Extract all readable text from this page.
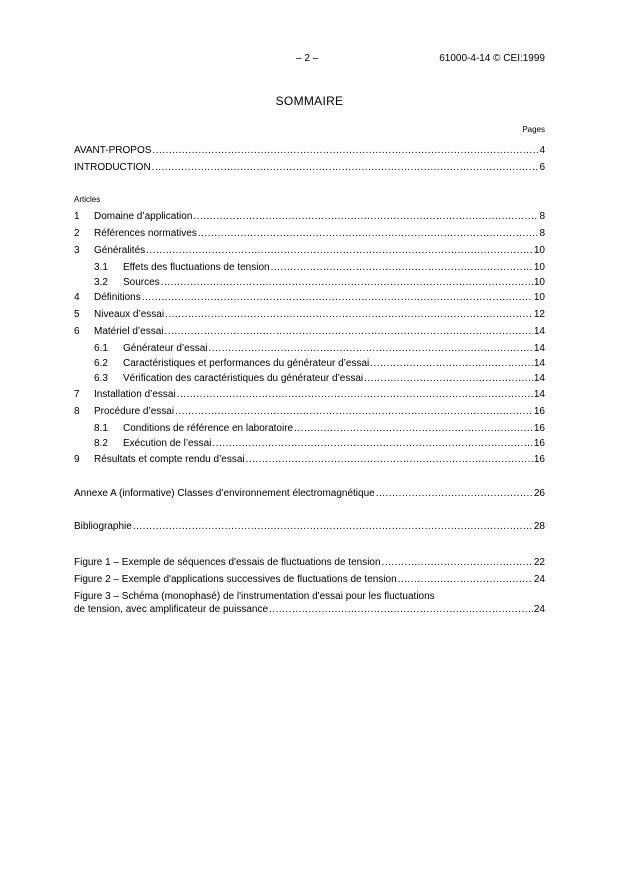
– 2 –	61000-4-14 © CEI:1999
SOMMAIRE
Pages
AVANT-PROPOS .....	4
INTRODUCTION .....	6
Articles
1	Domaine d’application .....	8
2	Références normatives .....	8
3	Généralités .....	10
3.1	Effets des fluctuations de tension .....	10
3.2	Sources .....	10
4	Définitions .....	10
5	Niveaux d’essai .....	12
6	Matériel d’essai .....	14
6.1	Générateur d’essai .....	14
6.2	Caractéristiques et performances du générateur d’essai .....	14
6.3	Vérification des caractéristiques du générateur d’essai .....	14
7	Installation d’essai .....	14
8	Procédure d’essai .....	16
8.1	Conditions de référence en laboratoire .....	16
8.2	Exécution de l’essai .....	16
9	Résultats et compte rendu d’essai .....	16
Annexe A (informative) Classes d’environnement électromagnétique .....	26
Bibliographie .....	28
Figure 1 – Exemple de séquences d'essais de fluctuations de tension .....	22
Figure 2 – Exemple d'applications successives de fluctuations de tension .....	24
Figure 3 – Schéma (monophasé) de l'instrumentation d'essai pour les fluctuations
de tension, avec amplificateur de puissance .....	24
